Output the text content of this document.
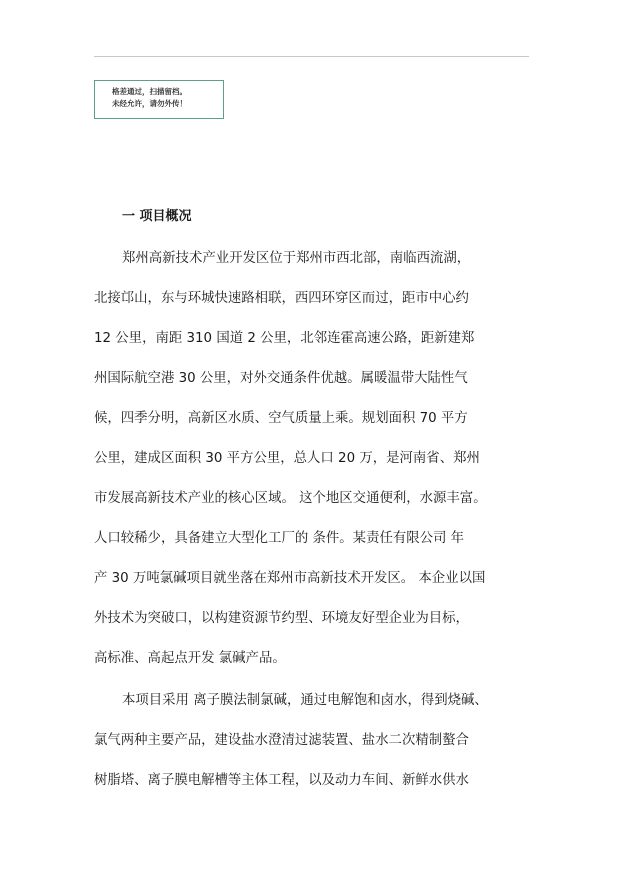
格差通过，扫描留档。
未经允许，请勿外传！
一 项目概况
郑州高新技术产业开发区位于郑州市西北部，南临西流湖，
北接邙山，东与环城快速路相联，西四环穿区而过，距市中心约
12 公里，南距 310 国道 2 公里，北邻连霍高速公路，距新建郑
州国际航空港 30 公里，对外交通条件优越。属暖温带大陆性气
候，四季分明，高新区水质、空气质量上乘。规划面积 70 平方
公里，建成区面积 30 平方公里，总人口 20 万，是河南省、郑州
市发展高新技术产业的核心区域。 这个地区交通便利，水源丰富。
人口较稀少，具备建立大型化工厂的 条件。某责任有限公司 年
产 30 万吨氯碱项目就坐落在郑州市高新技术开发区。 本企业以国
外技术为突破口，以构建资源节约型、环境友好型企业为目标，
高标准、高起点开发 氯碱产品。
本项目采用 离子膜法制氯碱，通过电解饱和卤水，得到烧碱、
氯气两种主要产品，建设盐水澄清过滤装置、盐水二次精制螯合
树脂塔、离子膜电解槽等主体工程，以及动力车间、新鲜水供水
